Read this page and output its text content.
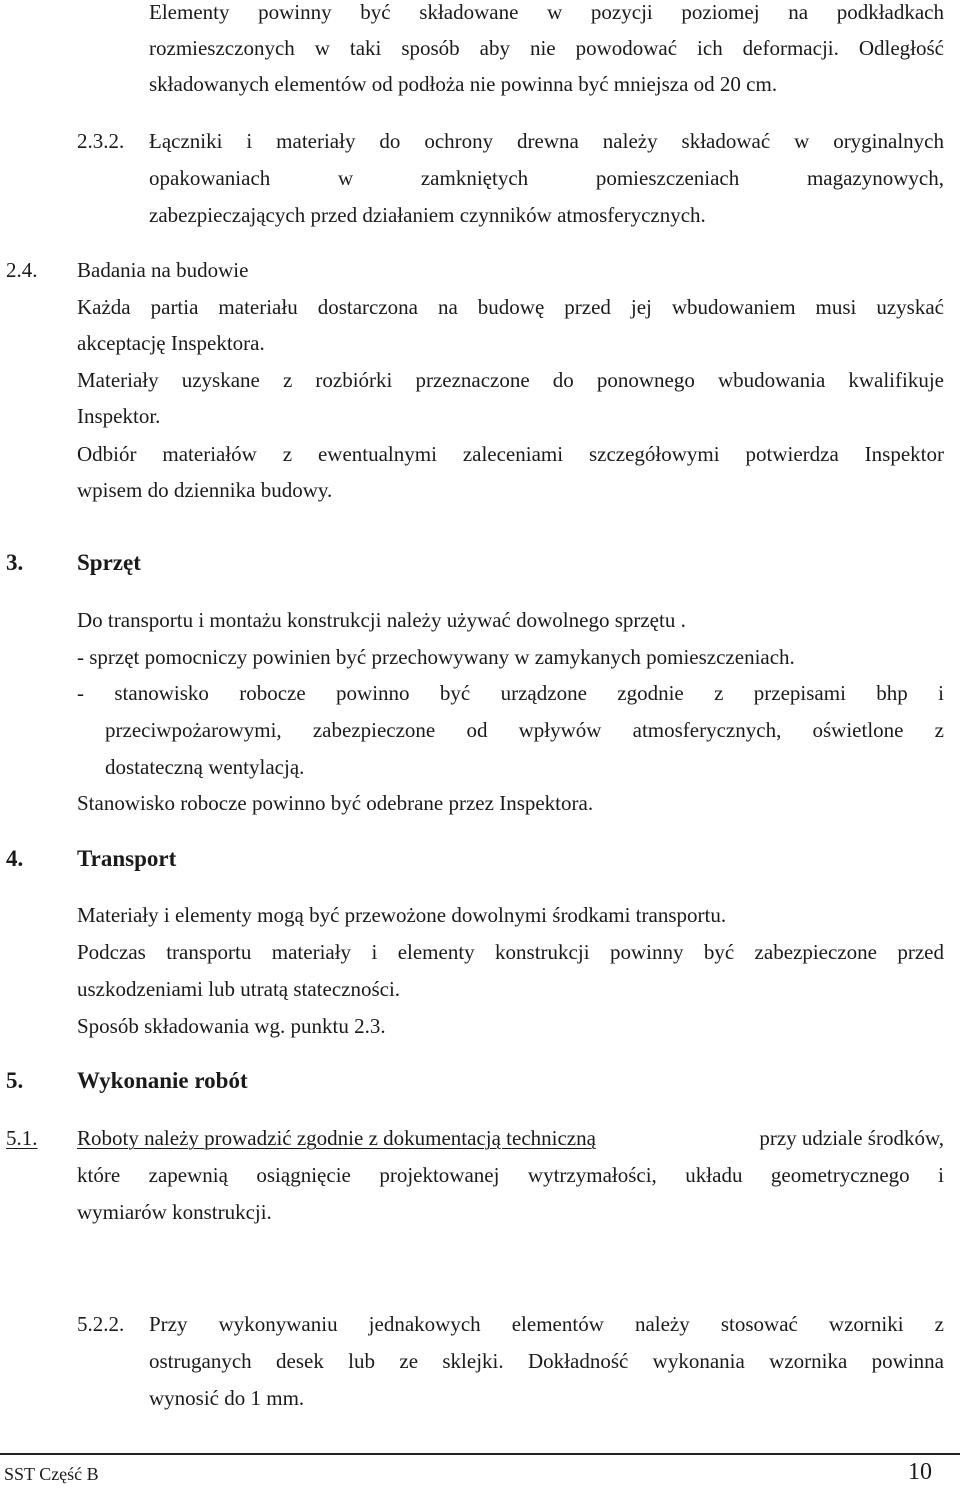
Elementy powinny być składowane w pozycji poziomej na podkładkach

rozmieszczonych w taki sposób aby nie powodować ich deformacji. Odległość

składowanych elementów od podłoża nie powinna być mniejsza od 20 cm.

2.3.2. Łączniki i materiały do ochrony drewna należy składować w oryginalnych

opakowaniach w zamkniętych pomieszczeniach magazynowych,

zabezpieczających przed działaniem czynników atmosferycznych.

2.4. Badania na budowie

Każda partia materiału dostarczona na budowę przed jej wbudowaniem musi uzyskać

akceptację Inspektora.

Materiały uzyskane z rozbiórki przeznaczone do ponownego wbudowania kwalifikuje

Inspektor.

Odbiór materiałów z ewentualnymi zaleceniami szczegółowymi potwierdza Inspektor

wpisem do dziennika budowy.

3. Sprzęt

Do transportu i montażu konstrukcji należy używać dowolnego sprzętu .

- sprzęt pomocniczy powinien być przechowywany w zamykanych pomieszczeniach.

- stanowisko robocze powinno być urządzone zgodnie z przepisami bhp i

przeciwpożarowymi, zabezpieczone od wpływów atmosferycznych, oświetlone z

dostateczną wentylacją.

Stanowisko robocze powinno być odebrane przez Inspektora.

4. Transport

Materiały i elementy mogą być przewożone dowolnymi środkami transportu.

Podczas transportu materiały i elementy konstrukcji powinny być zabezpieczone przed

uszkodzeniami lub utratą stateczności.

Sposób składowania wg. punktu 2.3.

5. Wykonanie robót

5.1.	Roboty należy prowadzić zgodnie z dokumentacją techniczną	przy udziale środków,

które zapewnią osiągnięcie projektowanej wytrzymałości, układu geometrycznego i

wymiarów konstrukcji.

5.2.2. Przy wykonywaniu jednakowych elementów należy stosować wzorniki z

ostruganych desek lub ze sklejki. Dokładność wykonania wzornika powinna

wynosić do 1 mm.

SST Część B	10
